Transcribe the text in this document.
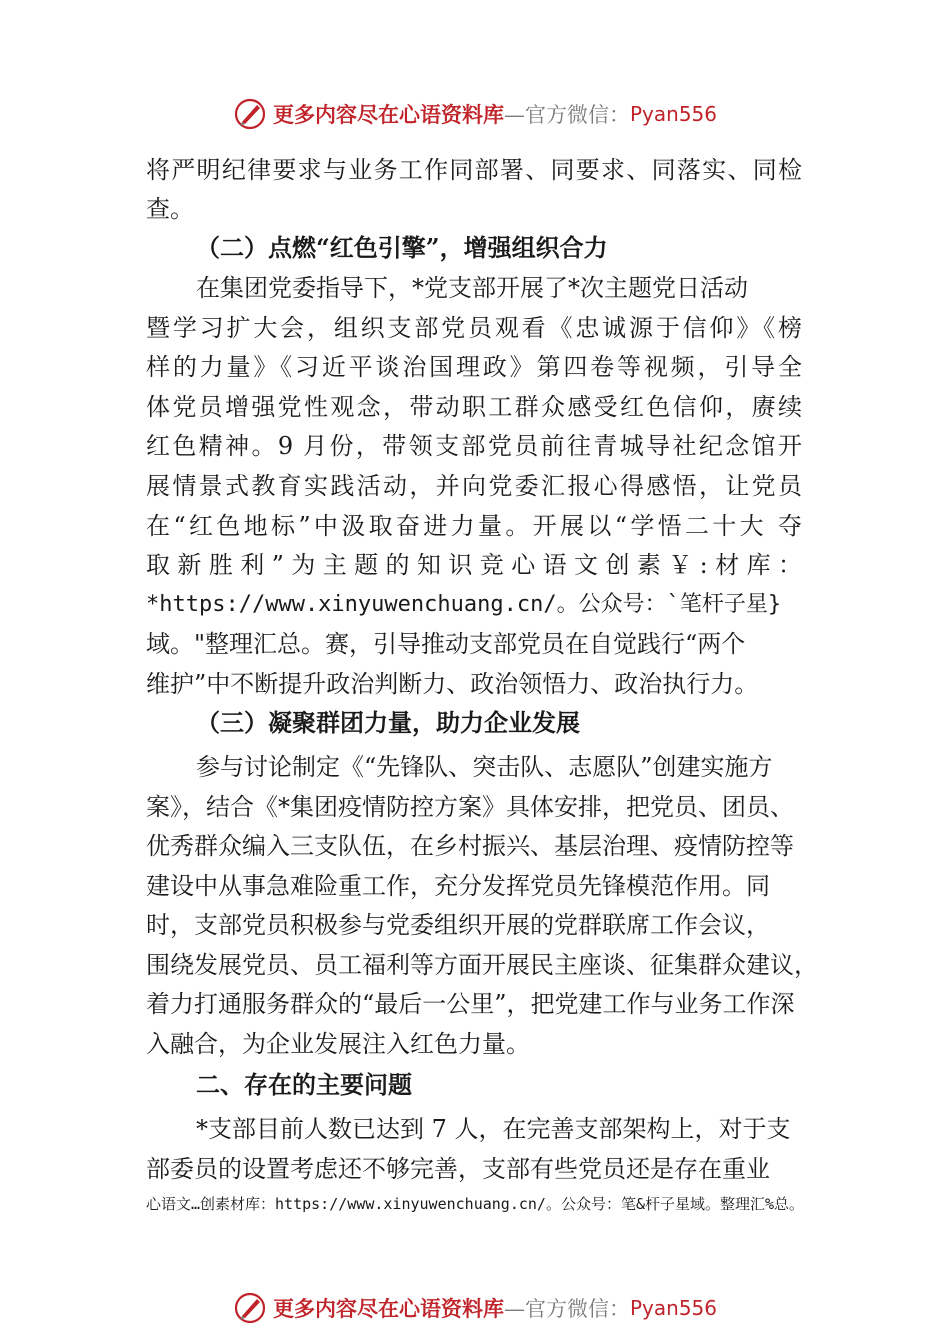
更多内容尽在心语资料库 —官方微信： Pyan556
将严明纪律要求与业务工作同部署、同要求、同落实、同检
查。
（二）点燃“红色引擎”，增强组织合力
在集团党委指导下，*党支部开展了*次主题党日活动
暨学习扩大会，组织支部党员观看《忠诚源于信仰》《榜
样的力量》《习近平谈治国理政》第四卷等视频，引导全
体党员增强党性观念，带动职工群众感受红色信仰，赓续
红色精神。9 月份，带领支部党员前往青城导社纪念馆开
展情景式教育实践活动，并向党委汇报心得感悟，让党员
在“红色地标”中汲取奋进力量。开展以“学悟二十大 夺
取新胜利”为主题的知识竞心语文创素￥:材库：
*https://www.xinyuwenchuang.cn/。公众号：`笔杆子星}
域。"整理汇总。赛，引导推动支部党员在自觉践行“两个
维护”中不断提升政治判断力、政治领悟力、政治执行力。
（三）凝聚群团力量，助力企业发展
参与讨论制定《“先锋队、突击队、志愿队”创建实施方
案》，结合《*集团疫情防控方案》具体安排，把党员、团员、
优秀群众编入三支队伍，在乡村振兴、基层治理、疫情防控等
建设中从事急难险重工作，充分发挥党员先锋模范作用。同
时，支部党员积极参与党委组织开展的党群联席工作会议，
围绕发展党员、员工福利等方面开展民主座谈、征集群众建议，
着力打通服务群众的“最后一公里”，把党建工作与业务工作深
入融合，为企业发展注入红色力量。
二、存在的主要问题
*支部目前人数已达到 7 人，在完善支部架构上，对于支
部委员的设置考虑还不够完善，支部有些党员还是存在重业
心语文…创素材库：https://www.xinyuwenchuang.cn/。公众号：笔&杆子星域。整理汇%总。
更多内容尽在心语资料库 —官方微信： Pyan556
